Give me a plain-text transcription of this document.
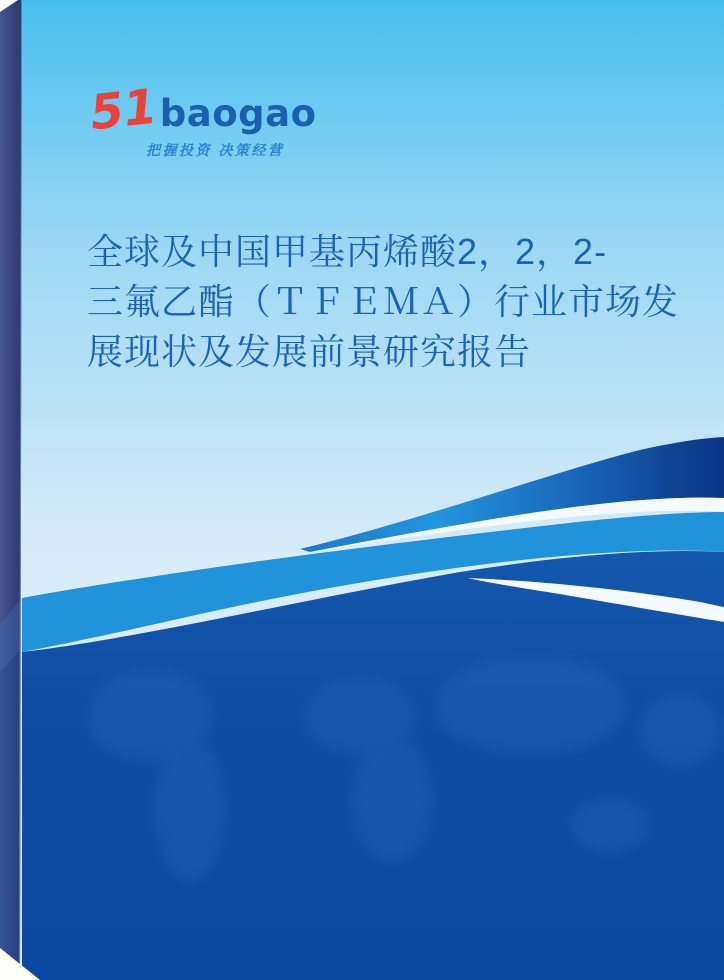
51 baogao
把握投资 决策经营
全球及中国甲基丙烯酸2，2，2-
三氟乙酯（ＴＦＥＭＡ）行业市场发
展现状及发展前景研究报告
